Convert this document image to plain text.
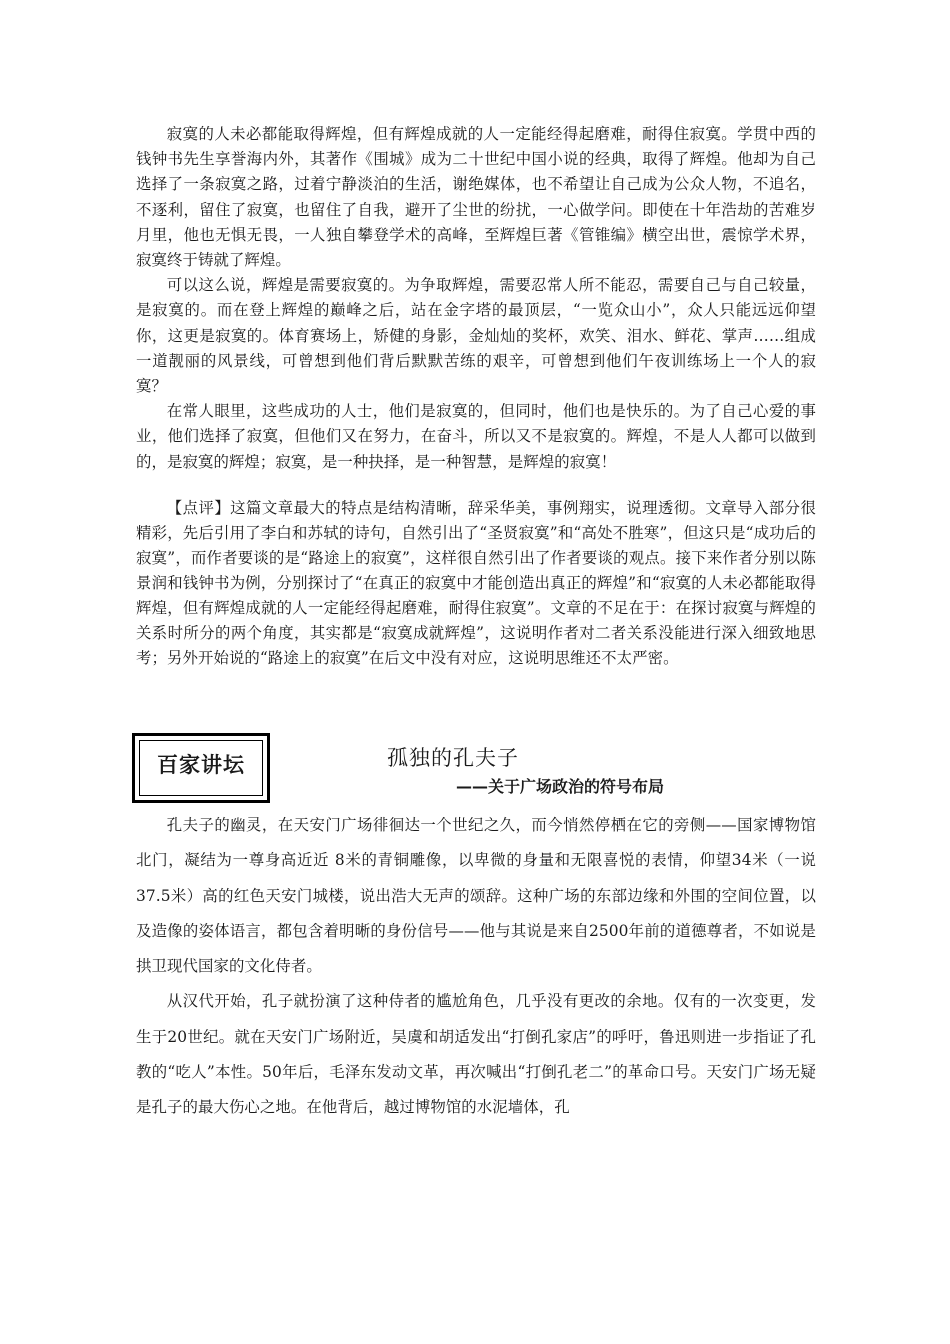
寂寞的人未必都能取得辉煌，但有辉煌成就的人一定能经得起磨难，耐得住寂寞。学贯中西的钱钟书先生享誉海内外，其著作《围城》成为二十世纪中国小说的经典，取得了辉煌。他却为自己选择了一条寂寞之路，过着宁静淡泊的生活，谢绝媒体，也不希望让自己成为公众人物，不追名，不逐利，留住了寂寞，也留住了自我，避开了尘世的纷扰，一心做学问。即使在十年浩劫的苦难岁月里，他也无惧无畏，一人独自攀登学术的高峰，至辉煌巨著《管锥编》横空出世，震惊学术界，寂寞终于铸就了辉煌。

可以这么说，辉煌是需要寂寞的。为争取辉煌，需要忍常人所不能忍，需要自己与自己较量，是寂寞的。而在登上辉煌的巅峰之后，站在金字塔的最顶层，“一览众山小”，众人只能远远仰望你，这更是寂寞的。体育赛场上，矫健的身影，金灿灿的奖杯，欢笑、泪水、鲜花、掌声……组成一道靓丽的风景线，可曾想到他们背后默默苦练的艰辛，可曾想到他们午夜训练场上一个人的寂寞？

在常人眼里，这些成功的人士，他们是寂寞的，但同时，他们也是快乐的。为了自己心爱的事业，他们选择了寂寞，但他们又在努力，在奋斗，所以又不是寂寞的。辉煌，不是人人都可以做到的，是寂寞的辉煌；寂寞，是一种抉择，是一种智慧，是辉煌的寂寞！

【点评】这篇文章最大的特点是结构清晰，辞采华美，事例翔实，说理透彻。文章导入部分很精彩，先后引用了李白和苏轼的诗句，自然引出了“圣贤寂寞”和“高处不胜寒”，但这只是“成功后的寂寞”，而作者要谈的是“路途上的寂寞”，这样很自然引出了作者要谈的观点。接下来作者分别以陈景润和钱钟书为例，分别探讨了“在真正的寂寞中才能创造出真正的辉煌”和“寂寞的人未必都能取得辉煌，但有辉煌成就的人一定能经得起磨难，耐得住寂寞”。文章的不足在于：在探讨寂寞与辉煌的关系时所分的两个角度，其实都是“寂寞成就辉煌”，这说明作者对二者关系没能进行深入细致地思考；另外开始说的“路途上的寂寞”在后文中没有对应，这说明思维还不太严密。

百家讲坛	孤独的孔夫子
——关于广场政治的符号布局

孔夫子的幽灵，在天安门广场徘徊达一个世纪之久，而今悄然停栖在它的旁侧——国家博物馆北门，凝结为一尊身高近近 8米的青铜雕像，以卑微的身量和无限喜悦的表情，仰望34米（一说37.5米）高的红色天安门城楼，说出浩大无声的颂辞。这种广场的东部边缘和外围的空间位置，以及造像的姿体语言，都包含着明晰的身份信号——他与其说是来自2500年前的道德尊者，不如说是拱卫现代国家的文化侍者。

从汉代开始，孔子就扮演了这种侍者的尴尬角色，几乎没有更改的余地。仅有的一次变更，发生于20世纪。就在天安门广场附近，吴虞和胡适发出“打倒孔家店”的呼吁，鲁迅则进一步指证了孔教的“吃人”本性。50年后，毛泽东发动文革，再次喊出“打倒孔老二”的革命口号。天安门广场无疑是孔子的最大伤心之地。在他背后，越过博物馆的水泥墙体，孔
